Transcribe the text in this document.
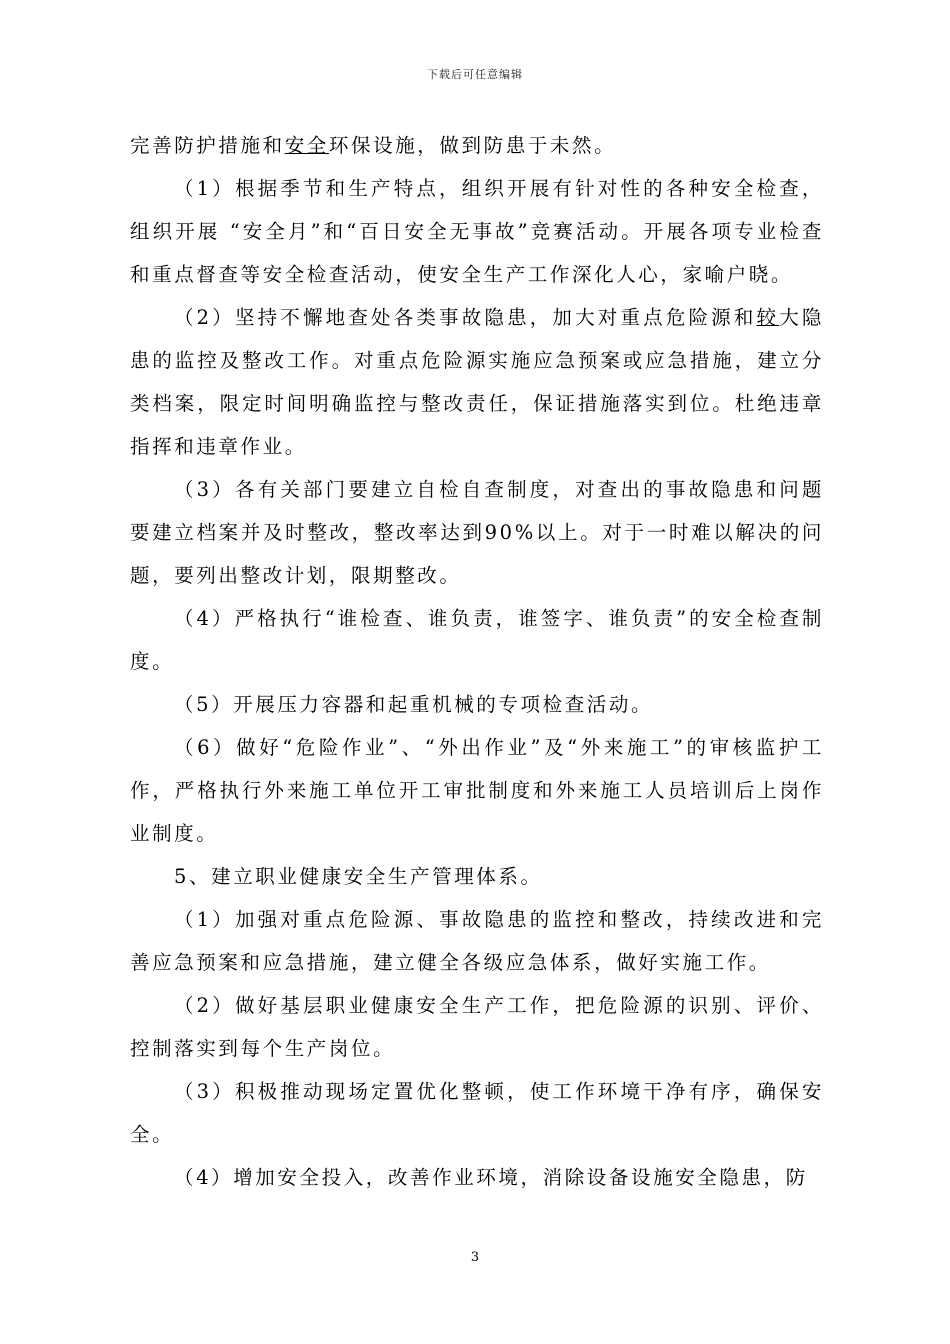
下载后可任意编辑

完善防护措施和安全环保设施，做到防患于未然。

（1）根据季节和生产特点，组织开展有针对性的各种安全检查，组织开展 “安全月”和“百日安全无事故”竞赛活动。开展各项专业检查和重点督查等安全检查活动，使安全生产工作深化人心，家喻户晓。

（2）坚持不懈地查处各类事故隐患，加大对重点危险源和较大隐患的监控及整改工作。对重点危险源实施应急预案或应急措施，建立分类档案，限定时间明确监控与整改责任，保证措施落实到位。杜绝违章指挥和违章作业。

（3）各有关部门要建立自检自查制度，对查出的事故隐患和问题要建立档案并及时整改，整改率达到90%以上。对于一时难以解决的问题，要列出整改计划，限期整改。

（4）严格执行“谁检查、谁负责，谁签字、谁负责”的安全检查制度。

（5）开展压力容器和起重机械的专项检查活动。

（6）做好“危险作业”、“外出作业”及“外来施工”的审核监护工作，严格执行外来施工单位开工审批制度和外来施工人员培训后上岗作业制度。

5、建立职业健康安全生产管理体系。

（1）加强对重点危险源、事故隐患的监控和整改，持续改进和完善应急预案和应急措施，建立健全各级应急体系，做好实施工作。

（2）做好基层职业健康安全生产工作，把危险源的识别、评价、控制落实到每个生产岗位。

（3）积极推动现场定置优化整顿，使工作环境干净有序，确保安全。

（4）增加安全投入，改善作业环境，消除设备设施安全隐患，防

3
